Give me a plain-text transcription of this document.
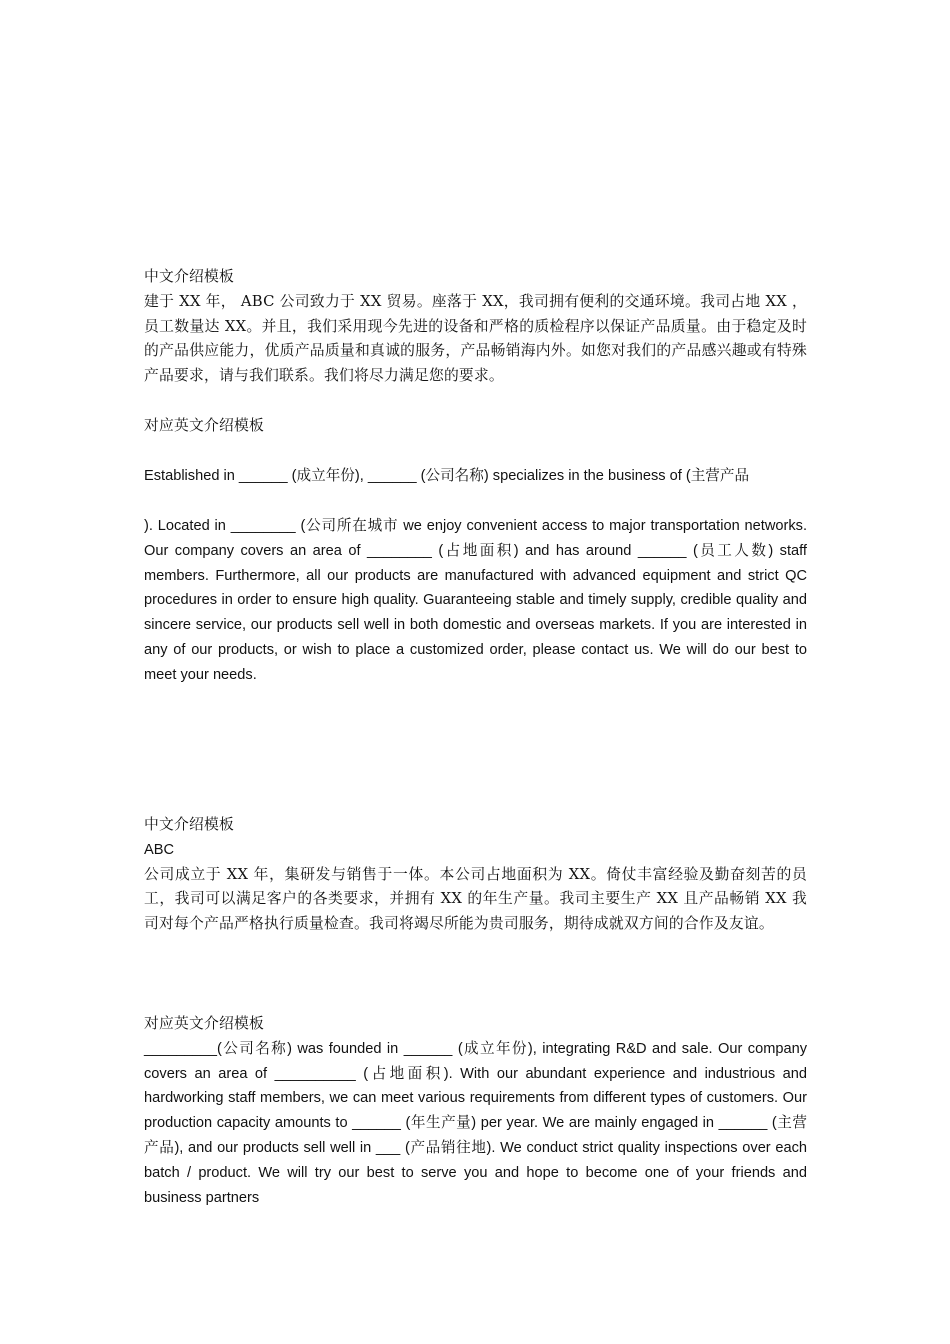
中文介绍模板

建于 XX 年， ABC 公司致力于 XX 贸易。座落于 XX，我司拥有便利的交通环境。我司占地 XX ，员工数量达 XX。并且，我们采用现今先进的设备和严格的质检程序以保证产品质量。由于稳定及时的产品供应能力，优质产品质量和真诚的服务，产品畅销海内外。如您对我们的产品感兴趣或有特殊产品要求，请与我们联系。我们将尽力满足您的要求。

对应英文介绍模板

Established in ______ (成立年份), ______ (公司名称) specializes in the business of (主营产品

). Located in ________ (公司所在城市 we enjoy convenient access to major transportation networks. Our company covers an area of ________ (占地面积) and has around ______ (员工人数) staff members. Furthermore, all our products are manufactured with advanced equipment and strict QC procedures in order to ensure high quality. Guaranteeing stable and timely supply, credible quality and sincere service, our products sell well in both domestic and overseas markets. If you are interested in any of our products, or wish to place a customized order, please contact us. We will do our best to meet your needs.

中文介绍模板
ABC

公司成立于 XX 年，集研发与销售于一体。本公司占地面积为 XX。倚仗丰富经验及勤奋刻苦的员工，我司可以满足客户的各类要求，并拥有 XX 的年生产量。我司主要生产 XX 且产品畅销 XX 我司对每个产品严格执行质量检查。我司将竭尽所能为贵司服务，期待成就双方间的合作及友谊。

对应英文介绍模板

_________(公司名称) was founded in ______ (成立年份), integrating R&D and sale. Our company covers an area of __________ (占地面积). With our abundant experience and industrious and hardworking staff members, we can meet various requirements from different types of customers. Our production capacity amounts to ______ (年生产量) per year. We are mainly engaged in ______ (主营产品), and our products sell well in ___ (产品销往地). We conduct strict quality inspections over each batch / product. We will try our best to serve you and hope to become one of your friends and business partners
